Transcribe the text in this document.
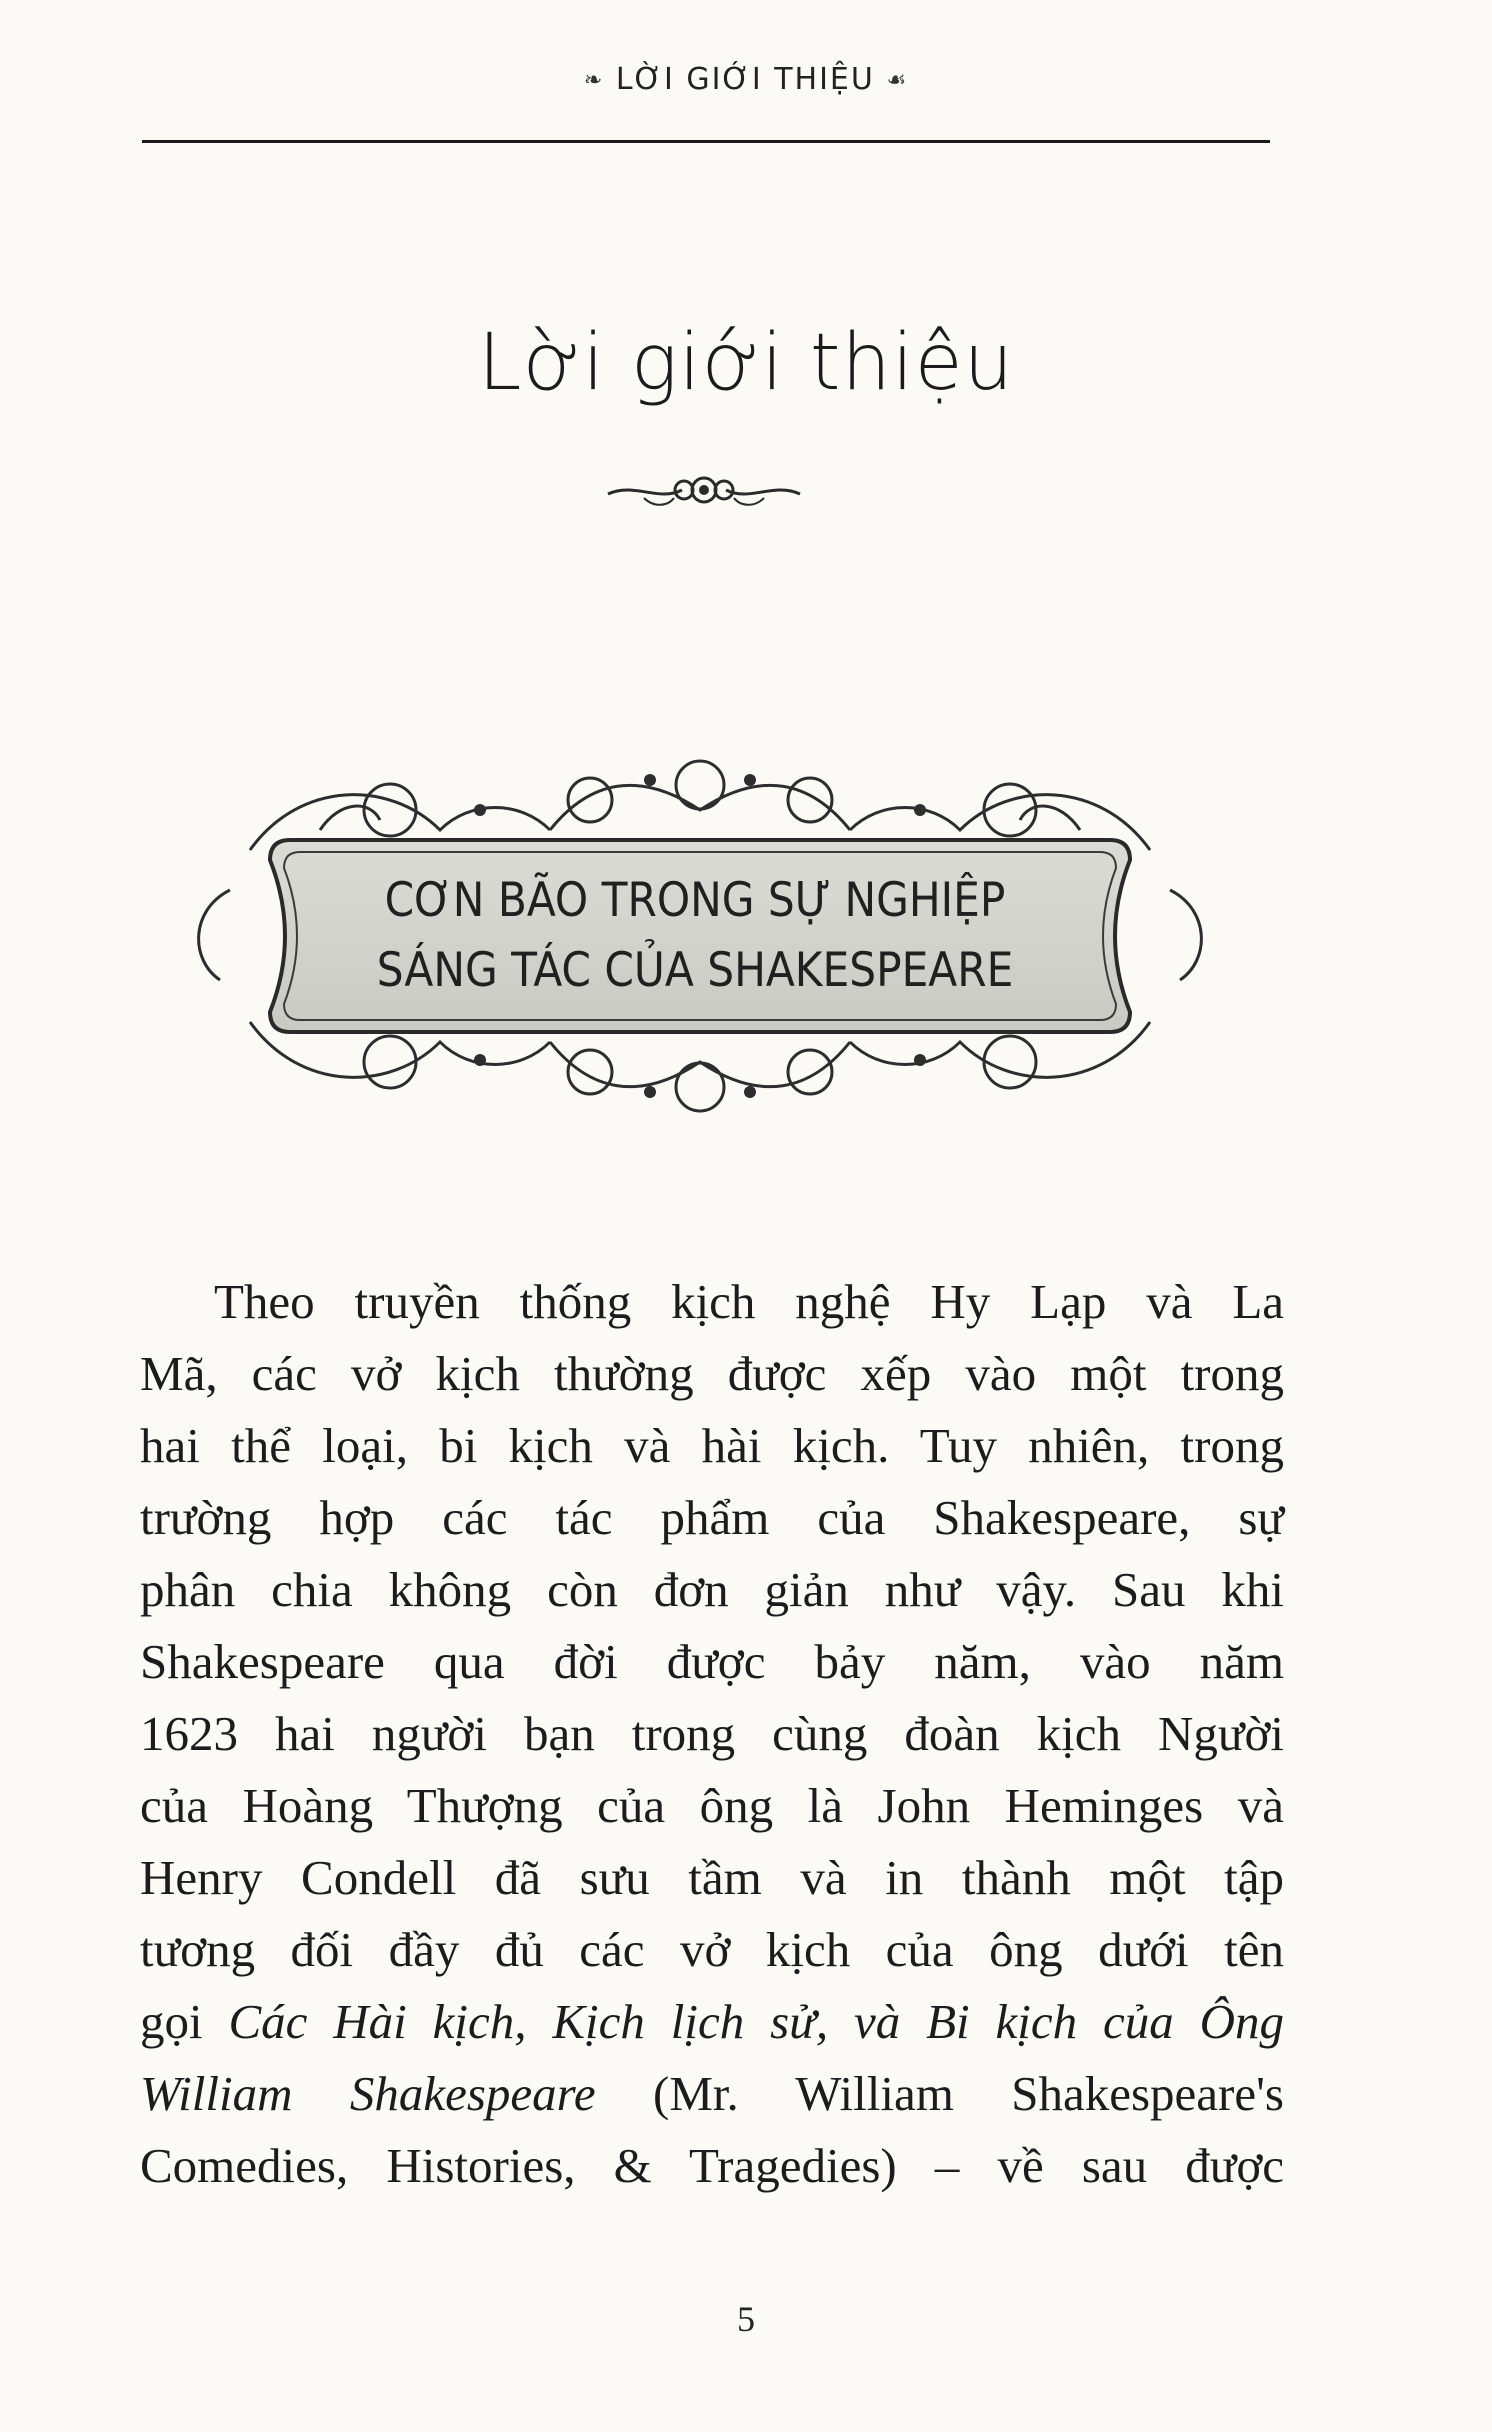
❧ LỜI GIỚI THIỆU ☙
Lời giới thiệu
CƠN BÃO TRONG SỰ NGHIỆP
SÁNG TÁC CỦA SHAKESPEARE
Theo truyền thống kịch nghệ Hy Lạp và La
Mã, các vở kịch thường được xếp vào một trong
hai thể loại, bi kịch và hài kịch. Tuy nhiên, trong
trường hợp các tác phẩm của Shakespeare, sự
phân chia không còn đơn giản như vậy. Sau khi
Shakespeare qua đời được bảy năm, vào năm
1623 hai người bạn trong cùng đoàn kịch Người
của Hoàng Thượng của ông là John Heminges và
Henry Condell đã sưu tầm và in thành một tập
tương đối đầy đủ các vở kịch của ông dưới tên
gọi Các Hài kịch, Kịch lịch sử, và Bi kịch của Ông
William Shakespeare (Mr. William Shakespeare's
Comedies, Histories, & Tragedies) – về sau được
5
